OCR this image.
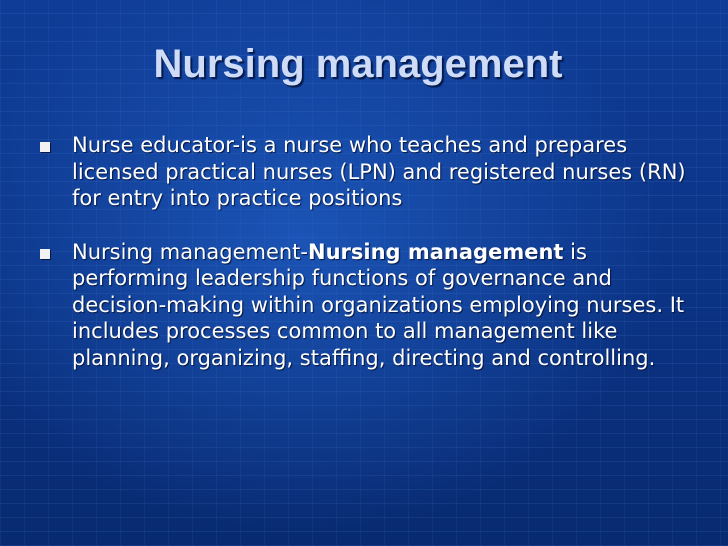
Nursing management
Nurse educator-is a nurse who teaches and prepares licensed practical nurses (LPN) and registered nurses (RN) for entry into practice positions
Nursing management-Nursing management is performing leadership functions of governance and decision-making within organizations employing nurses. It includes processes common to all management like planning, organizing, staffing, directing and controlling.
